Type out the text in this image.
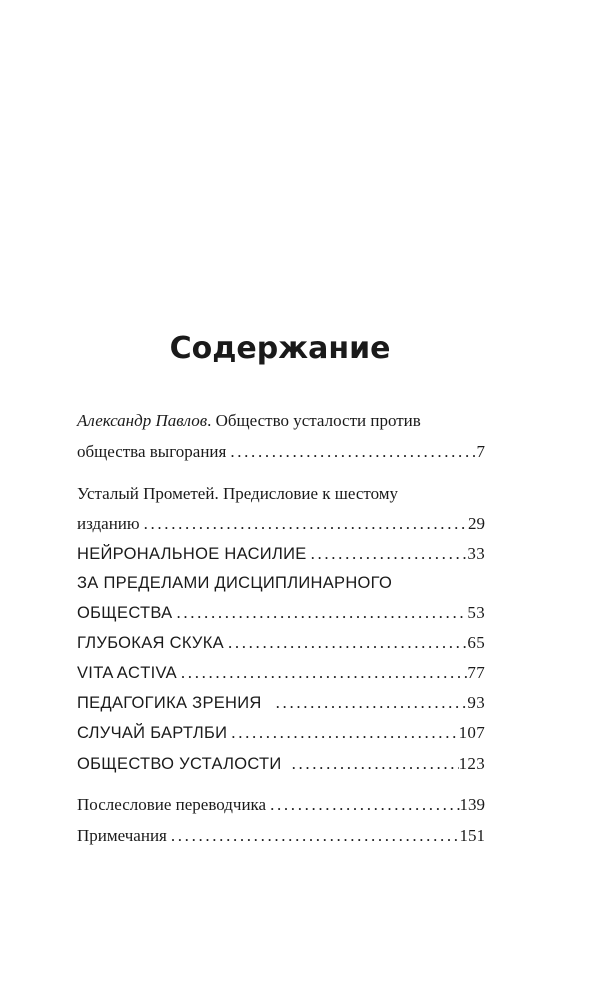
Содержание
Александр Павлов . Общество усталости против
общества выгорания . . .	7
Усталый Прометей. Предисловие к шестому
изданию . . .	29
НЕЙРОНАЛЬНОЕ НАСИЛИЕ . . .	33
ЗА ПРЕДЕЛАМИ ДИСЦИПЛИНАРНОГО
ОБЩЕСТВА . . .	53
ГЛУБОКАЯ СКУКА . . .	65
VITA ACTIVA . . .	77
ПЕДАГОГИКА ЗРЕНИЯ . . .	93
СЛУЧАЙ БАРТЛБИ . . .	107
ОБЩЕСТВО УСТАЛОСТИ . . .	123
Послесловие переводчика . . .	139
Примечания . . .	151
